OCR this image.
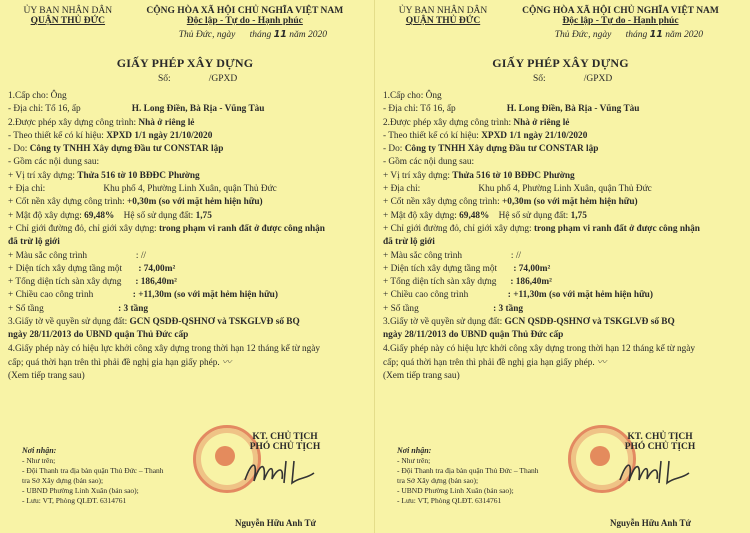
ỦY BAN NHÂN DÂN
QUẬN THỦ ĐỨC
CỘNG HÒA XÃ HỘI CHỦ NGHĨA VIỆT NAM
Độc lập - Tự do - Hạnh phúc
Thủ Đức, ngày tháng 11 năm 2020
GIẤY PHÉP XÂY DỰNG
Số:	/GPXD
1.Cấp cho: Ông
- Địa chỉ: Tổ 16, ấp	H. Long Điền, Bà Rịa - Vũng Tàu
2.Được phép xây dựng công trình: Nhà ở riêng lẻ
- Theo thiết kế có kí hiệu: XPXD 1/1 ngày 21/10/2020
- Do: Công ty TNHH Xây dựng Đầu tư CONSTAR lập
- Gồm các nội dung sau:
+ Vị trí xây dựng: Thửa 516 tờ 10 BĐĐC Phường
+ Địa chỉ:	Khu phố 4, Phường Linh Xuân, quận Thủ Đức
+ Cốt nền xây dựng công trình: +0,30m (so với mặt hẻm hiện hữu)
+ Mật độ xây dựng: 69,48% Hệ số sử dụng đất: 1,75
+ Chỉ giới đường đỏ, chỉ giới xây dựng: trong phạm vi ranh đất ở được công nhận
đã trừ lộ giới
+ Màu sắc công trình	: //
+ Diện tích xây dựng tầng một : 74,00m²
+ Tổng diện tích sàn xây dựng : 186,40m²
+ Chiều cao công trình	: +11,30m (so với mặt hẻm hiện hữu)
+ Số tầng	: 3 tầng
3.Giấy tờ về quyền sử dụng đất: GCN QSDĐ-QSHNƠ và TSKGLVĐ số BQ
ngày 28/11/2013 do UBND quận Thủ Đức cấp
4.Giấy phép này có hiệu lực khởi công xây dựng trong thời hạn 12 tháng kể từ ngày
cấp; quá thời hạn trên thì phải đề nghị gia hạn giấy phép. 〰
(Xem tiếp trang sau)
Nơi nhận:
- Như trên;
- Đội Thanh tra địa bàn quận Thủ Đức – Thanh
tra Sở Xây dựng (bản sao);
- UBND Phường Linh Xuân (bản sao);
- Lưu: VT, Phòng QLĐT. 6314761
KT. CHỦ TỊCH
PHÓ CHỦ TỊCH
Nguyễn Hữu Anh Tứ
ỦY BAN NHÂN DÂN
QUẬN THỦ ĐỨC
CỘNG HÒA XÃ HỘI CHỦ NGHĨA VIỆT NAM
Độc lập - Tự do - Hạnh phúc
Thủ Đức, ngày tháng 11 năm 2020
GIẤY PHÉP XÂY DỰNG
Số:	/GPXD
1.Cấp cho: Ông
- Địa chỉ: Tổ 16, ấp	H. Long Điền, Bà Rịa - Vũng Tàu
2.Được phép xây dựng công trình: Nhà ở riêng lẻ
- Theo thiết kế có kí hiệu: XPXD 1/1 ngày 21/10/2020
- Do: Công ty TNHH Xây dựng Đầu tư CONSTAR lập
- Gồm các nội dung sau:
+ Vị trí xây dựng: Thửa 516 tờ 10 BĐĐC Phường
+ Địa chỉ:	Khu phố 4, Phường Linh Xuân, quận Thủ Đức
+ Cốt nền xây dựng công trình: +0,30m (so với mặt hẻm hiện hữu)
+ Mật độ xây dựng: 69,48% Hệ số sử dụng đất: 1,75
+ Chỉ giới đường đỏ, chỉ giới xây dựng: trong phạm vi ranh đất ở được công nhận
đã trừ lộ giới
+ Màu sắc công trình	: //
+ Diện tích xây dựng tầng một : 74,00m²
+ Tổng diện tích sàn xây dựng : 186,40m²
+ Chiều cao công trình	: +11,30m (so với mặt hẻm hiện hữu)
+ Số tầng	: 3 tầng
3.Giấy tờ về quyền sử dụng đất: GCN QSDĐ-QSHNƠ và TSKGLVĐ số BQ
ngày 28/11/2013 do UBND quận Thủ Đức cấp
4.Giấy phép này có hiệu lực khởi công xây dựng trong thời hạn 12 tháng kể từ ngày
cấp; quá thời hạn trên thì phải đề nghị gia hạn giấy phép. 〰
(Xem tiếp trang sau)
Nơi nhận:
- Như trên;
- Đội Thanh tra địa bàn quận Thủ Đức – Thanh
tra Sở Xây dựng (bản sao);
- UBND Phường Linh Xuân (bản sao);
- Lưu: VT, Phòng QLĐT. 6314761
KT. CHỦ TỊCH
PHÓ CHỦ TỊCH
Nguyễn Hữu Anh Tứ
